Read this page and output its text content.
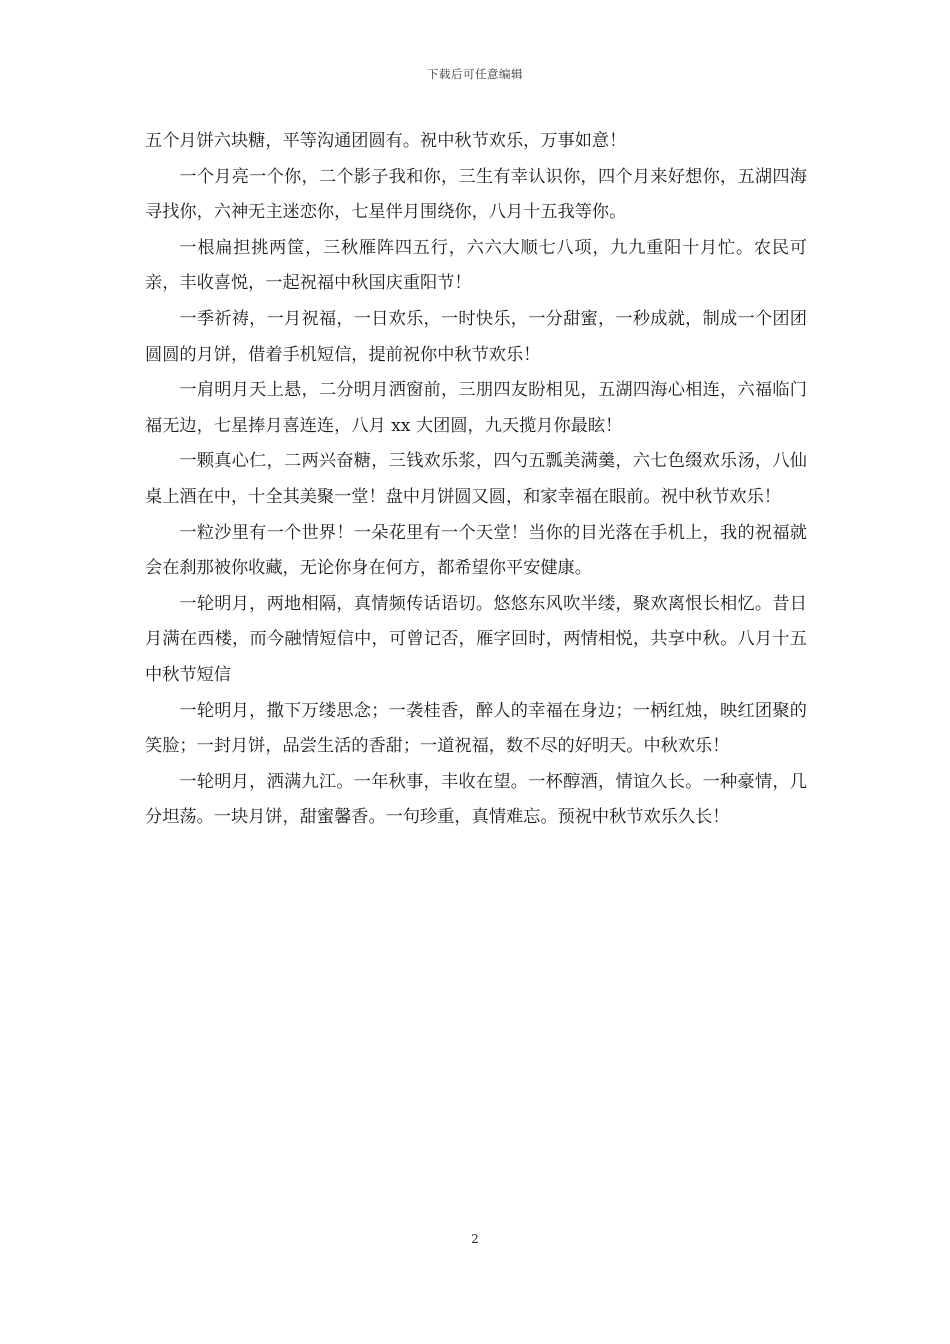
下载后可任意编辑

五个月饼六块糖，平等沟通团圆有。祝中秋节欢乐，万事如意！

一个月亮一个你，二个影子我和你，三生有幸认识你，四个月来好想你，五湖四海寻找你，六神无主迷恋你，七星伴月围绕你，八月十五我等你。

一根扁担挑两筐，三秋雁阵四五行，六六大顺七八项，九九重阳十月忙。农民可亲，丰收喜悦，一起祝福中秋国庆重阳节！

一季祈祷，一月祝福，一日欢乐，一时快乐，一分甜蜜，一秒成就，制成一个团团圆圆的月饼，借着手机短信，提前祝你中秋节欢乐！

一肩明月天上悬，二分明月洒窗前，三朋四友盼相见，五湖四海心相连，六福临门福无边，七星捧月喜连连，八月 xx 大团圆，九天揽月你最眩！

一颗真心仁，二两兴奋糖，三钱欢乐浆，四勺五瓢美满羹，六七色缀欢乐汤，八仙桌上酒在中，十全其美聚一堂！盘中月饼圆又圆，和家幸福在眼前。祝中秋节欢乐！

一粒沙里有一个世界！一朵花里有一个天堂！当你的目光落在手机上，我的祝福就会在刹那被你收藏，无论你身在何方，都希望你平安健康。

一轮明月，两地相隔，真情频传话语切。悠悠东风吹半缕，聚欢离恨长相忆。昔日月满在西楼，而今融情短信中，可曾记否，雁字回时，两情相悦，共享中秋。八月十五中秋节短信

一轮明月，撒下万缕思念；一袭桂香，醉人的幸福在身边；一柄红烛，映红团聚的笑脸；一封月饼，品尝生活的香甜；一道祝福，数不尽的好明天。中秋欢乐！

一轮明月，洒满九江。一年秋事，丰收在望。一杯醇酒，情谊久长。一种豪情，几分坦荡。一块月饼，甜蜜馨香。一句珍重，真情难忘。预祝中秋节欢乐久长！

2
